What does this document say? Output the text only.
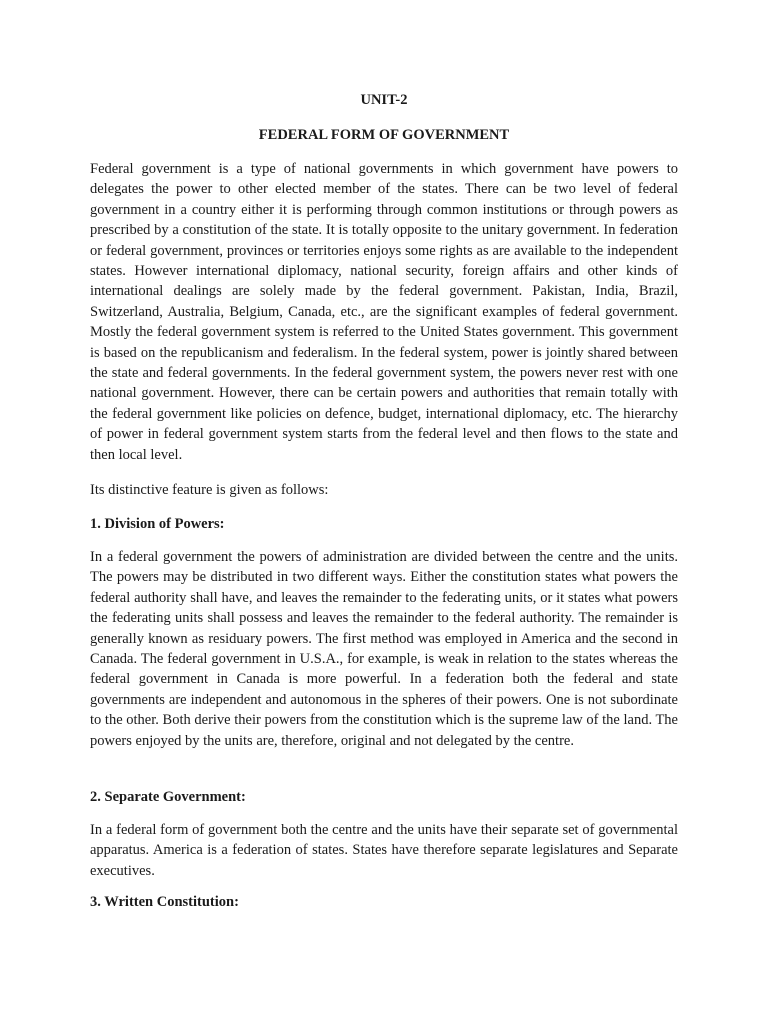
UNIT-2
FEDERAL FORM OF GOVERNMENT

Federal government is a type of national governments in which government have powers to delegates the power to other elected member of the states. There can be two level of federal government in a country either it is performing through common institutions or through powers as prescribed by a constitution of the state. It is totally opposite to the unitary government. In federation or federal government, provinces or territories enjoys some rights as are available to the independent states. However international diplomacy, national security, foreign affairs and other kinds of international dealings are solely made by the federal government. Pakistan, India, Brazil, Switzerland, Australia, Belgium, Canada, etc., are the significant examples of federal government. Mostly the federal government system is referred to the United States government. This government is based on the republicanism and federalism. In the federal system, power is jointly shared between the state and federal governments. In the federal government system, the powers never rest with one national government. However, there can be certain powers and authorities that remain totally with the federal government like policies on defence, budget, international diplomacy, etc. The hierarchy of power in federal government system starts from the federal level and then flows to the state and then local level.

Its distinctive feature is given as follows:

1. Division of Powers:

In a federal government the powers of administration are divided between the centre and the units. The powers may be distributed in two different ways. Either the constitution states what powers the federal authority shall have, and leaves the remainder to the federating units, or it states what powers the federating units shall possess and leaves the remainder to the federal authority. The remainder is generally known as residuary powers. The first method was employed in America and the second in Canada. The federal government in U.S.A., for example, is weak in relation to the states whereas the federal government in Canada is more powerful. In a federation both the federal and state governments are independent and autonomous in the spheres of their powers. One is not subordinate to the other. Both derive their powers from the constitution which is the supreme law of the land. The powers enjoyed by the units are, therefore, original and not delegated by the centre.

2. Separate Government:

In a federal form of government both the centre and the units have their separate set of governmental apparatus. America is a federation of states. States have therefore separate legislatures and Separate executives.

3. Written Constitution:
